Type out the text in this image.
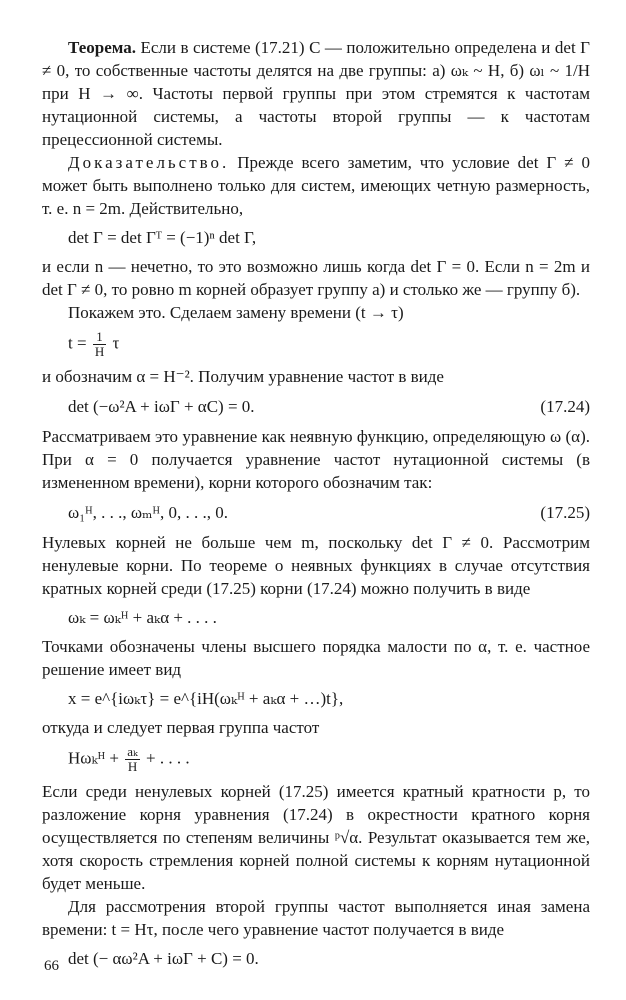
Теорема. Если в системе (17.21) C — положительно определена и det Γ ≠ 0, то собственные частоты делятся на две группы: а) ωₖ ~ H, б) ωₗ ~ 1/H при H → ∞. Частоты первой группы при этом стремятся к частотам нутационной системы, а частоты второй группы — к частотам прецессионной системы.

Доказательство. Прежде всего заметим, что условие det Γ ≠ 0 может быть выполнено только для систем, имеющих четную размерность, т. е. n = 2m. Действительно,

det Γ = det Γᵀ = (−1)ⁿ det Γ,

и если n — нечетно, то это возможно лишь когда det Γ = 0. Если n = 2m и det Γ ≠ 0, то ровно m корней образует группу а) и столько же — группу б).

Покажем это. Сделаем замену времени (t → τ)

$t = \frac{1}{H}$ τ

и обозначим α = H⁻². Получим уравнение частот в виде

det (−ω²A + iωΓ + αC) = 0.	(17.24)

Рассматриваем это уравнение как неявную функцию, определяющую ω (α). При α = 0 получается уравнение частот нутационной системы (в измененном времени), корни которого обозначим так:

ω₁ᴴ, . . ., ωₘᴴ, 0, . . ., 0.	(17.25)

Нулевых корней не больше чем m, поскольку det Γ ≠ 0. Рассмотрим ненулевые корни. По теореме о неявных функциях в случае отсутствия кратных корней среди (17.25) корни (17.24) можно получить в виде

ωₖ = ωₖᴴ + aₖα + . . . .

Точками обозначены члены высшего порядка малости по α, т. е. частное решение имеет вид

x = e^{iωₖτ} = e^{iH(ωₖᴴ + aₖα + …)t},

откуда и следует первая группа частот

Hωₖᴴ + $\frac{\text{aₖ}}{H}$ + . . . .

Если среди ненулевых корней (17.25) имеется кратный кратности p, то разложение корня уравнения (17.24) в окрестности кратного корня осуществляется по степеням величины ᵖ√α. Результат оказывается тем же, хотя скорость стремления корней полной системы к корням нутационной будет меньше.

Для рассмотрения второй группы частот выполняется иная замена времени: t = Hτ, после чего уравнение частот получается в виде

det (− αω²A + iωΓ + C) = 0.
66
